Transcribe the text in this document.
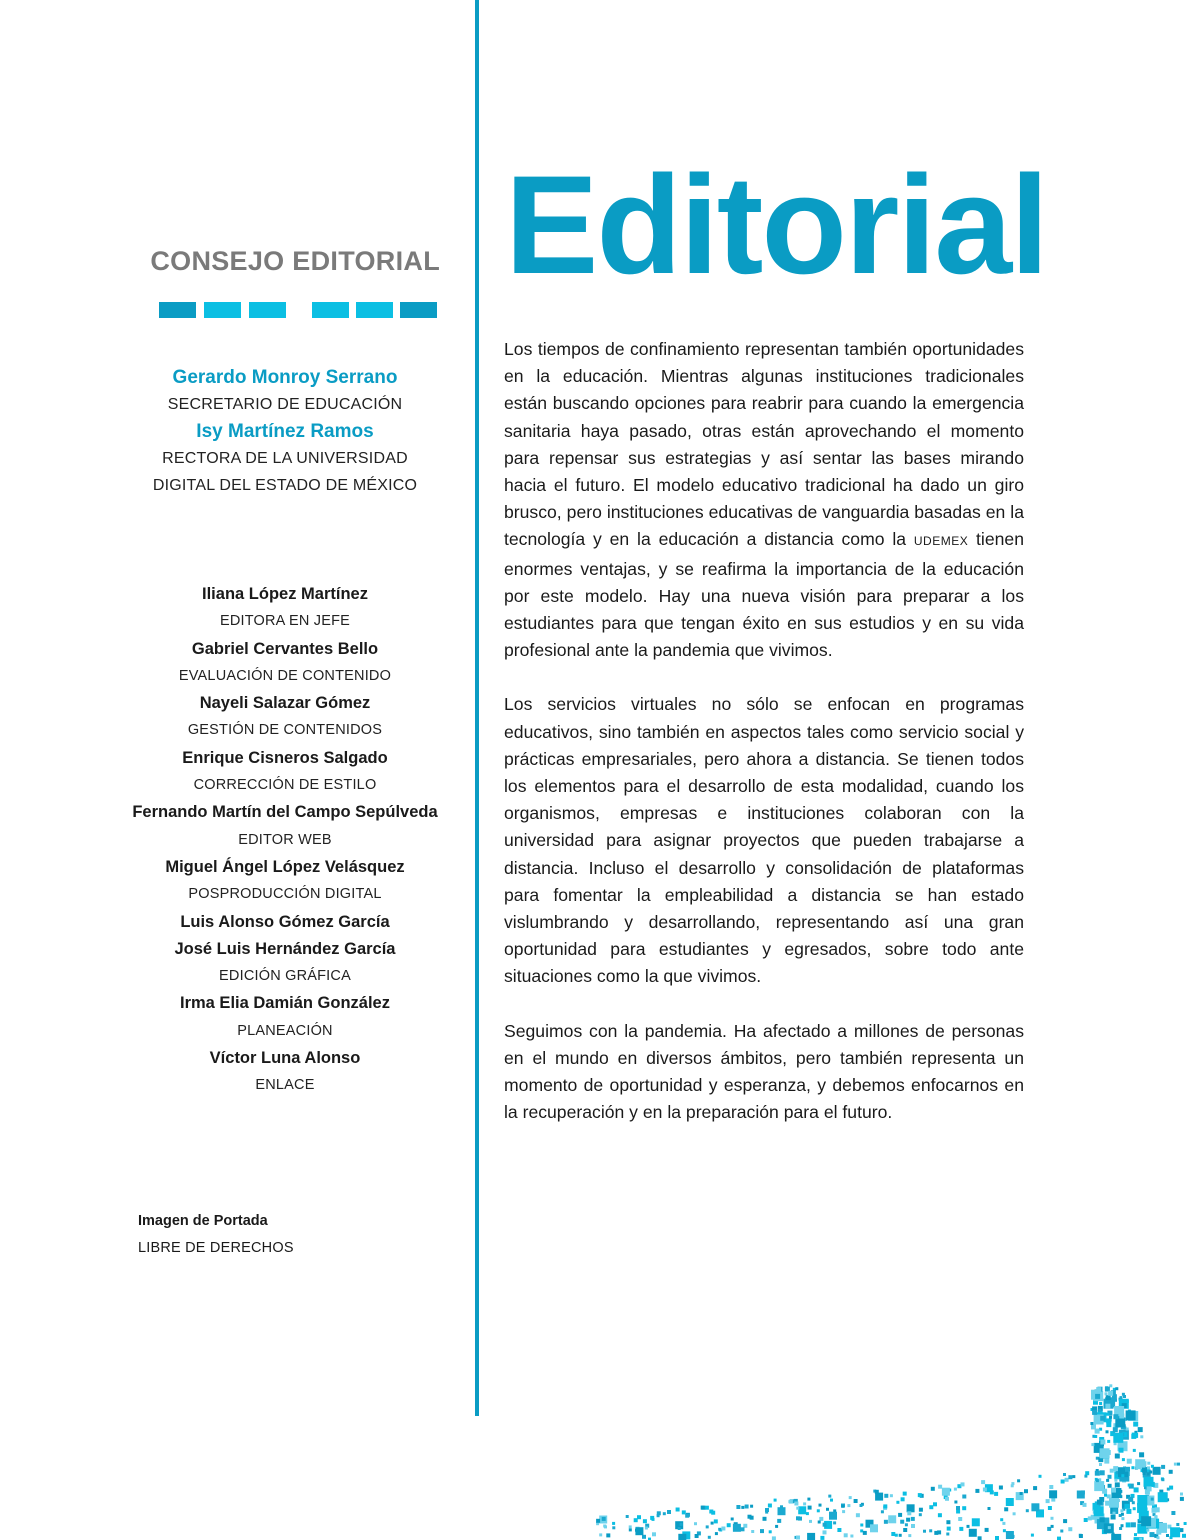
CONSEJO EDITORIAL
Gerardo Monroy Serrano
SECRETARIO DE EDUCACIÓN
Isy Martínez Ramos
RECTORA DE LA UNIVERSIDAD
DIGITAL DEL ESTADO DE MÉXICO
Iliana López Martínez
EDITORA EN JEFE
Gabriel Cervantes Bello
EVALUACIÓN DE CONTENIDO
Nayeli Salazar Gómez
GESTIÓN DE CONTENIDOS
Enrique Cisneros Salgado
CORRECCIÓN DE ESTILO
Fernando Martín del Campo Sepúlveda
EDITOR WEB
Miguel Ángel López Velásquez
POSPRODUCCIÓN DIGITAL
Luis Alonso Gómez García
José Luis Hernández García
EDICIÓN GRÁFICA
Irma Elia Damián González
PLANEACIÓN
Víctor Luna Alonso
ENLACE
Imagen de Portada
LIBRE DE DERECHOS
Editorial

Los tiempos de confinamiento representan también oportunidades en la educación. Mientras algunas instituciones tradicionales están buscando opciones para reabrir para cuando la emergencia sanitaria haya pasado, otras están aprovechando el momento para repensar sus estrategias y así sentar las bases mirando hacia el futuro. El modelo educativo tradicional ha dado un giro brusco, pero instituciones educativas de vanguardia basadas en la tecnología y en la educación a distancia como la UDEMEX tienen enormes ventajas, y se reafirma la importancia de la educación por este modelo. Hay una nueva visión para preparar a los estudiantes para que tengan éxito en sus estudios y en su vida profesional ante la pandemia que vivimos.

Los servicios virtuales no sólo se enfocan en programas educativos, sino también en aspectos tales como servicio social y prácticas empresariales, pero ahora a distancia. Se tienen todos los elementos para el desarrollo de esta modalidad, cuando los organismos, empresas e instituciones colaboran con la universidad para asignar proyectos que pueden trabajarse a distancia. Incluso el desarrollo y consolidación de plataformas para fomentar la empleabilidad a distancia se han estado vislumbrando y desarrollando, representando así una gran oportunidad para estudiantes y egresados, sobre todo ante situaciones como la que vivimos.

Seguimos con la pandemia. Ha afectado a millones de personas en el mundo en diversos ámbitos, pero también representa un momento de oportunidad y esperanza, y debemos enfocarnos en la recuperación y en la preparación para el futuro.
